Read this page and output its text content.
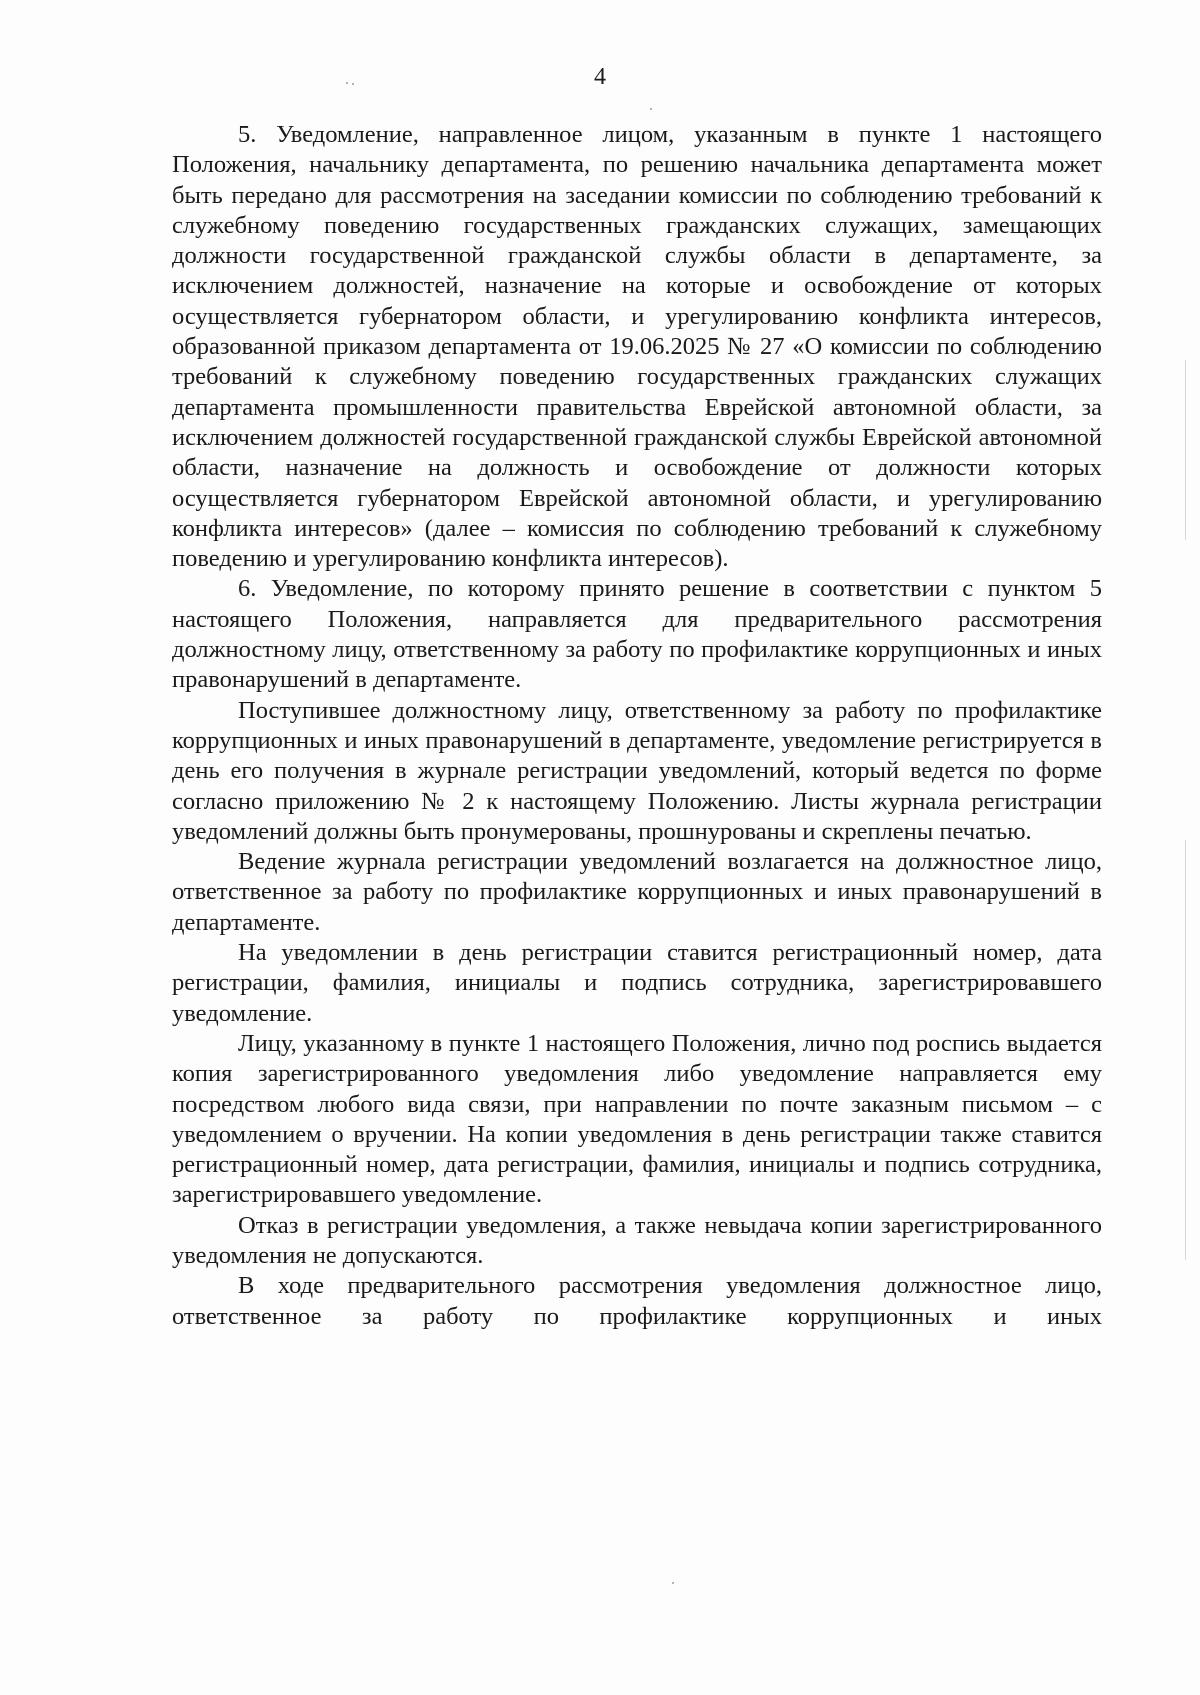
4

5. Уведомление, направленное лицом, указанным в пункте 1 настоящего Положения, начальнику департамента, по решению начальника департамента может быть передано для рассмотрения на заседании комиссии по соблюдению требований к служебному поведению государственных гражданских служащих, замещающих должности государственной гражданской службы области в департаменте, за исключением должностей, назначение на которые и освобождение от которых осуществляется губернатором области, и урегулированию конфликта интересов, образованной приказом департамента от 19.06.2025 № 27 «О комиссии по соблюдению требований к служебному поведению государственных гражданских служащих департамента промышленности правительства Еврейской автономной области, за исключением должностей государственной гражданской службы Еврейской автономной области, назначение на должность и освобождение от должности которых осуществляется губернатором Еврейской автономной области, и урегулированию конфликта интересов» (далее – комиссия по соблюдению требований к служебному поведению и урегулированию конфликта интересов).

6. Уведомление, по которому принято решение в соответствии с пунктом 5 настоящего Положения, направляется для предварительного рассмотрения должностному лицу, ответственному за работу по профилактике коррупционных и иных правонарушений в департаменте.

Поступившее должностному лицу, ответственному за работу по профилактике коррупционных и иных правонарушений в департаменте, уведомление регистрируется в день его получения в журнале регистрации уведомлений, который ведется по форме согласно приложению № 2 к настоящему Положению. Листы журнала регистрации уведомлений должны быть пронумерованы, прошнурованы и скреплены печатью.

Ведение журнала регистрации уведомлений возлагается на должностное лицо, ответственное за работу по профилактике коррупционных и иных правонарушений в департаменте.

На уведомлении в день регистрации ставится регистрационный номер, дата регистрации, фамилия, инициалы и подпись сотрудника, зарегистрировавшего уведомление.

Лицу, указанному в пункте 1 настоящего Положения, лично под роспись выдается копия зарегистрированного уведомления либо уведомление направляется ему посредством любого вида связи, при направлении по почте заказным письмом – с уведомлением о вручении. На копии уведомления в день регистрации также ставится регистрационный номер, дата регистрации, фамилия, инициалы и подпись сотрудника, зарегистрировавшего уведомление.

Отказ в регистрации уведомления, а также невыдача копии зарегистрированного уведомления не допускаются.

В ходе предварительного рассмотрения уведомления должностное лицо, ответственное за работу по профилактике коррупционных и иных
